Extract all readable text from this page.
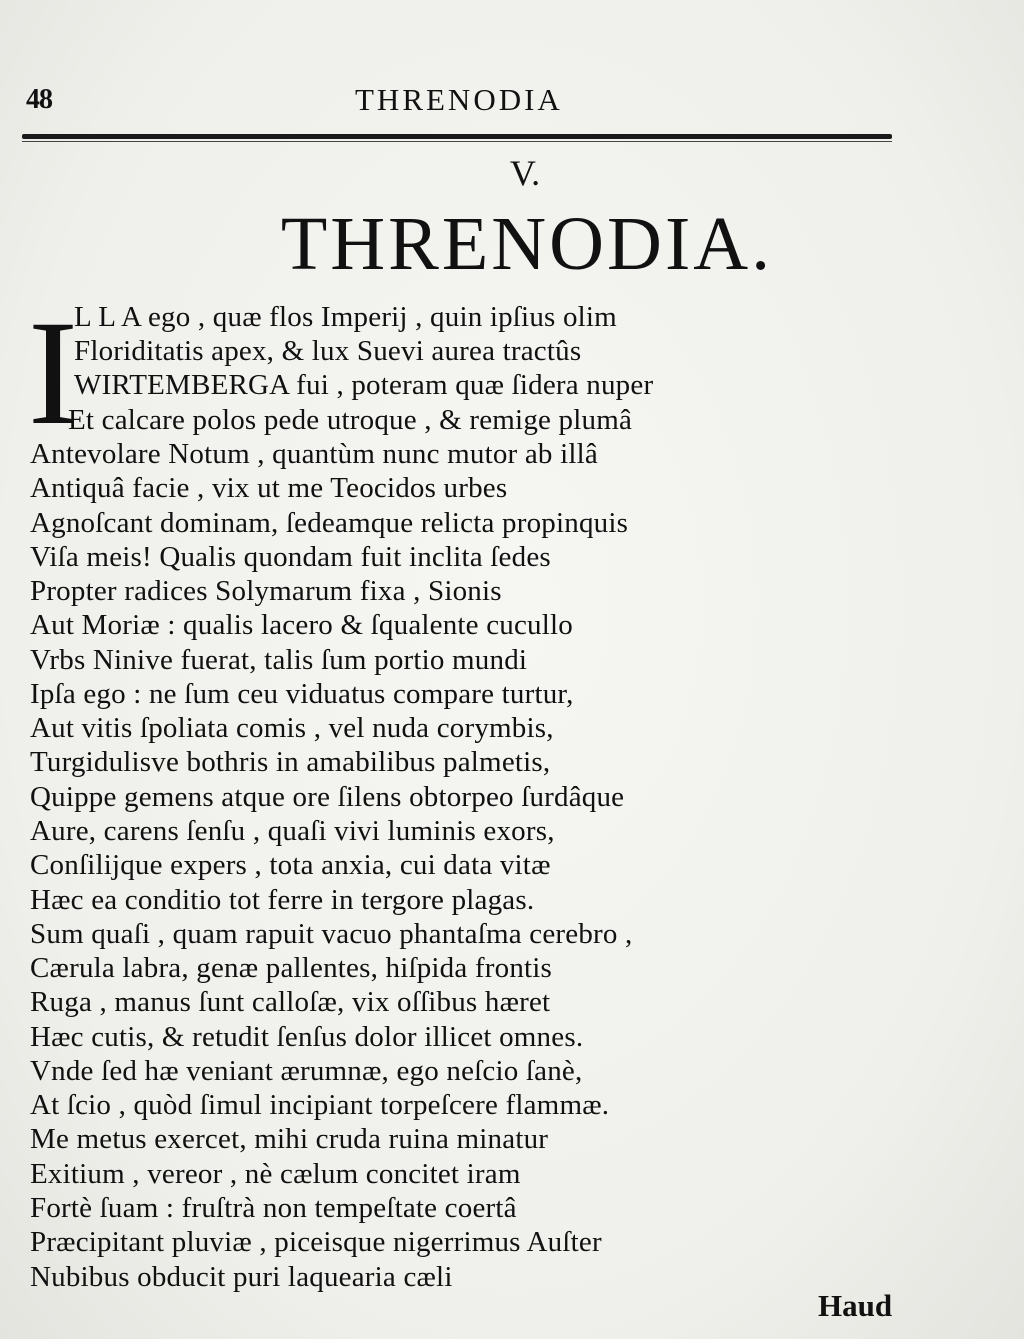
48	THRENODIA
V.
THRENODIA.
I
L L A ego , quæ flos Imperij , quin ipſius olim
Floriditatis apex, & lux Suevi aurea tractûs
WIRTEMBERGA fui , poteram quæ ſidera nuper
Et calcare polos pede utroque , & remige plumâ
Antevolare Notum , quantùm nunc mutor ab illâ
Antiquâ facie , vix ut me Teocidos urbes
Agnoſcant dominam, ſedeamque relicta propinquis
Viſa meis! Qualis quondam fuit inclita ſedes
Propter radices Solymarum fixa , Sionis
Aut Moriæ : qualis lacero & ſqualente cucullo
Vrbs Ninive fuerat, talis ſum portio mundi
Ipſa ego : ne ſum ceu viduatus compare turtur,
Aut vitis ſpoliata comis , vel nuda corymbis,
Turgidulisve bothris in amabilibus palmetis,
Quippe gemens atque ore ſilens obtorpeo ſurdâque
Aure, carens ſenſu , quaſi vivi luminis exors,
Conſilijque expers , tota anxia, cui data vitæ
Hæc ea conditio tot ferre in tergore plagas.
Sum quaſi , quam rapuit vacuo phantaſma cerebro ,
Cærula labra, genæ pallentes, hiſpida frontis
Ruga , manus ſunt calloſæ, vix oſſibus hæret
Hæc cutis, & retudit ſenſus dolor illicet omnes.
Vnde ſed hæ veniant ærumnæ, ego neſcio ſanè,
At ſcio , quòd ſimul incipiant torpeſcere flammæ.
Me metus exercet, mihi cruda ruina minatur
Exitium , vereor , nè cælum concitet iram
Fortè ſuam : fruſtrà non tempeſtate coertâ
Præcipitant pluviæ , piceisque nigerrimus Auſter
Nubibus obducit puri laquearia cæli
Haud
